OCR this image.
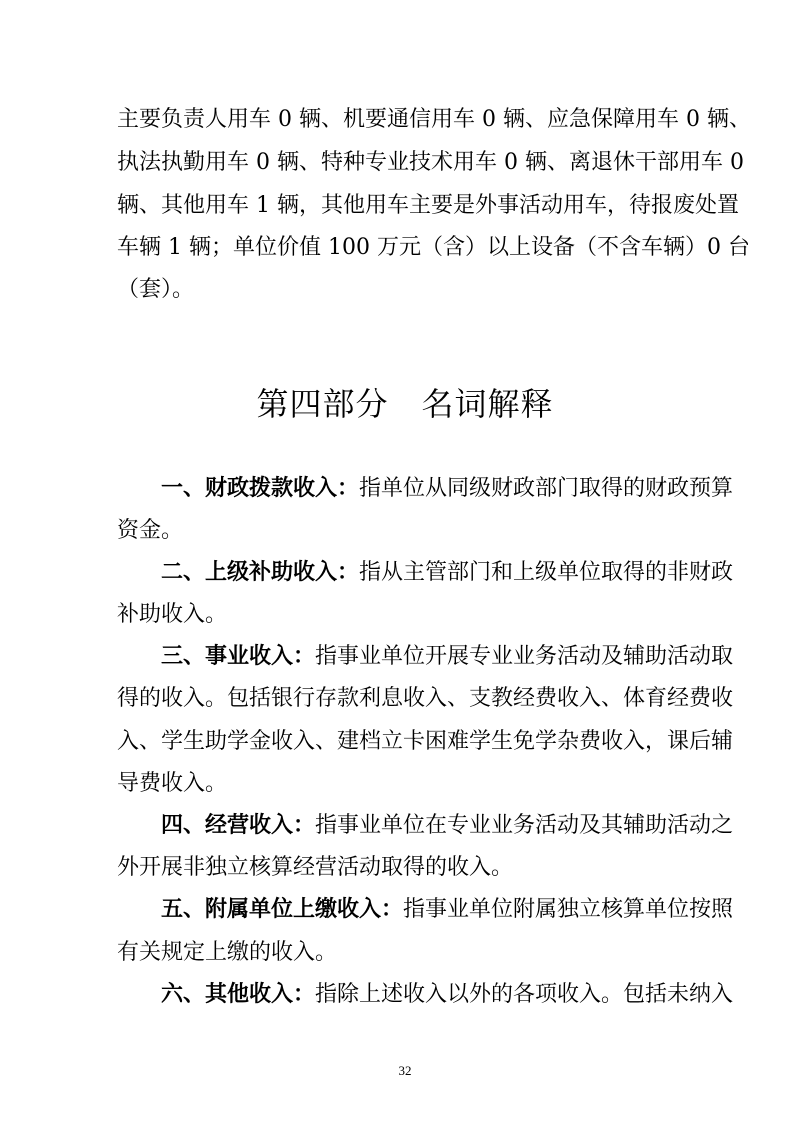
主要负责人用车 0 辆、机要通信用车 0 辆、应急保障用车 0 辆、
执法执勤用车 0 辆、特种专业技术用车 0 辆、离退休干部用车 0
辆、其他用车 1 辆，其他用车主要是外事活动用车，待报废处置
车辆 1 辆；单位价值 100 万元（含）以上设备（不含车辆）0 台
（套）。
第四部分　名词解释
一、财政拨款收入：指单位从同级财政部门取得的财政预算
资金。
二、上级补助收入：指从主管部门和上级单位取得的非财政
补助收入。
三、事业收入：指事业单位开展专业业务活动及辅助活动取
得的收入。包括银行存款利息收入、支教经费收入、体育经费收
入、学生助学金收入、建档立卡困难学生免学杂费收入，课后辅
导费收入。
四、经营收入：指事业单位在专业业务活动及其辅助活动之
外开展非独立核算经营活动取得的收入。
五、附属单位上缴收入：指事业单位附属独立核算单位按照
有关规定上缴的收入。
六、其他收入：指除上述收入以外的各项收入。包括未纳入
32
